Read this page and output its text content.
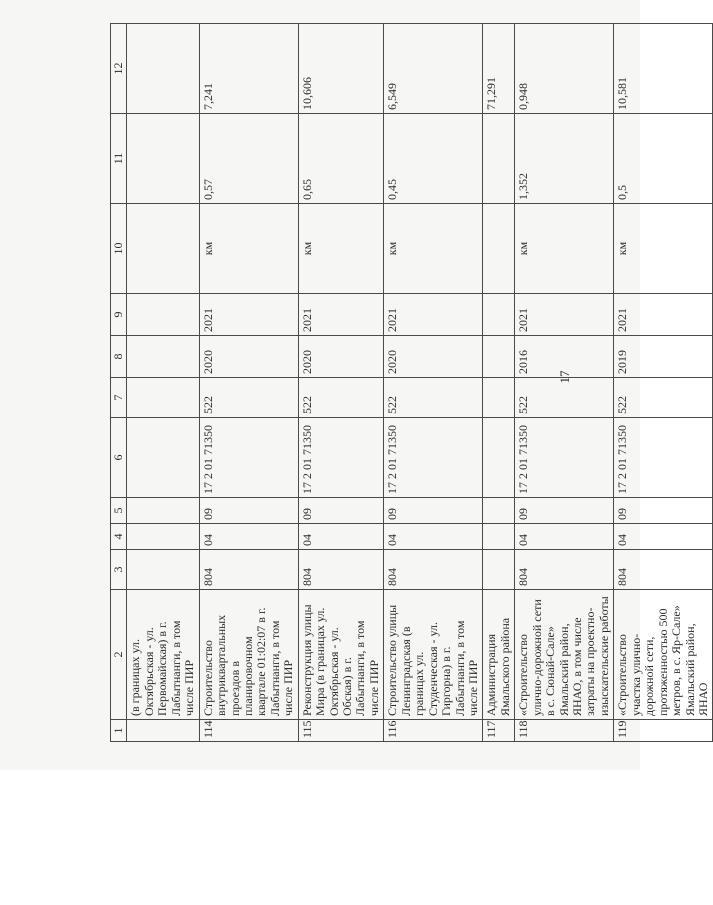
17
1	2	3	4	5	6	7	8	9	10	11	12
	(в границах ул. Октябрьская - ул. Первомайская) в г. Лабытнанги, в том числе ПИР										
114	Строительство внутриквартальных проездов в планировочном квартале 01:02:07 в г. Лабытнанги, в том числе ПИР	804	04	09	17 2 01 71350	522	2020	2021	км	0,57	7,241
115	Реконструкция улицы Мира (в границах ул. Октябрьская - ул. Обская) в г. Лабытнанги, в том числе ПИР	804	04	09	17 2 01 71350	522	2020	2021	км	0,65	10,606
116	Строительство улицы Ленинградская (в границах ул. Студенческая - ул. Гиргорна) в г. Лабытнанги, в том числе ПИР	804	04	09	17 2 01 71350	522	2020	2021	км	0,45	6,549
117	Администрация Ямальского района										71,291
118	«Строительство улично-дорожной сети в с. Сюнай-Сале» Ямальский район, ЯНАО, в том числе затраты на проектно-изыскательские работы	804	04	09	17 2 01 71350	522	2016	2021	км	1,352	0,948
119	«Строительство участка улично-дорожной сети, протяженностью 500 метров, в с. Яр-Сале» Ямальский район, ЯНАО	804	04	09	17 2 01 71350	522	2019	2021	км	0,5	10,581
